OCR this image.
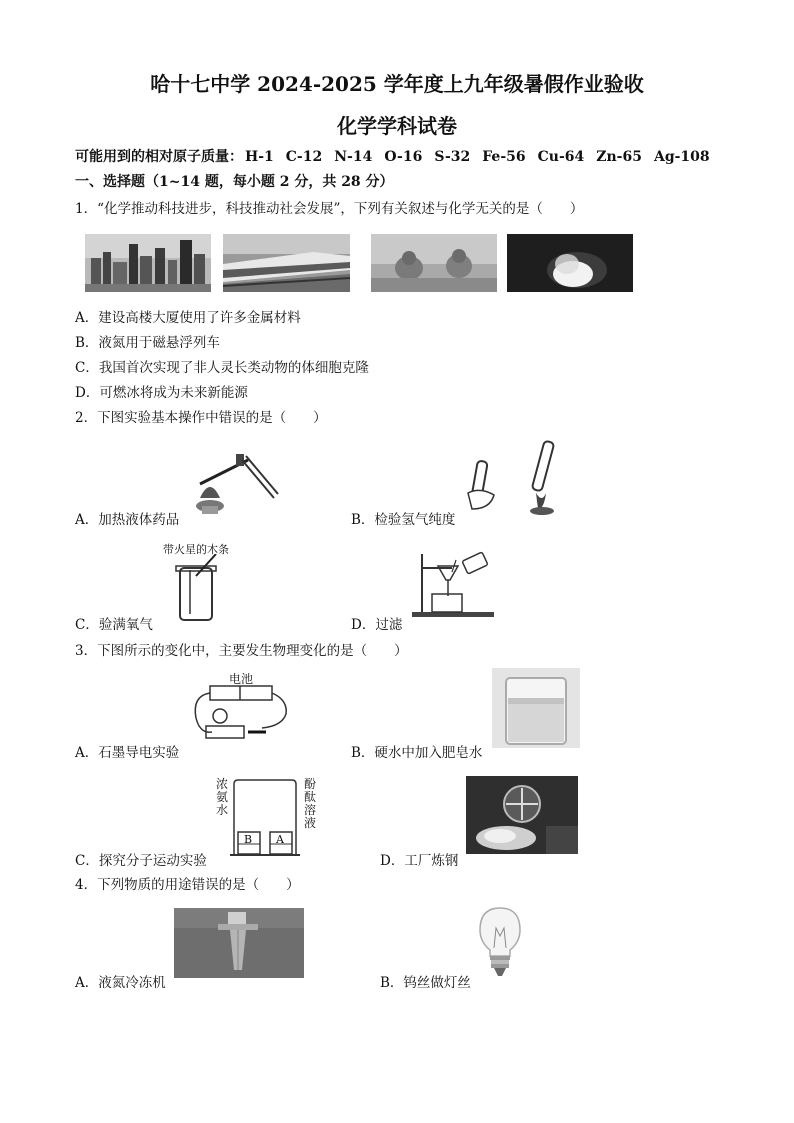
哈十七中学 2024-2025 学年度上九年级暑假作业验收
化学学科试卷
可能用到的相对原子质量： H-1 C-12 N-14 O-16 S-32 Fe-56 Cu-64 Zn-65 Ag-108
一、选择题（1~14 题，每小题 2 分，共 28 分）
1．“化学推动科技进步，科技推动社会发展”，下列有关叙述与化学无关的是（　　）
A．建设高楼大厦使用了许多金属材料
B．液氮用于磁悬浮列车
C．我国首次实现了非人灵长类动物的体细胞克隆
D．可燃冰将成为未来新能源
2．下图实验基本操作中错误的是（　　）
A．加热液体药品	B．检验氢气纯度
带火星的木条
C．验满氧气	D．过滤
3．下图所示的变化中，主要发生物理变化的是（　　）
电池
A．石墨导电实验	B．硬水中加入肥皂水
浓氨水
酚酞溶液
B A
C．探究分子运动实验	D．工厂炼钢
4．下列物质的用途错误的是（　　）
A．液氮冷冻机	B．钨丝做灯丝
